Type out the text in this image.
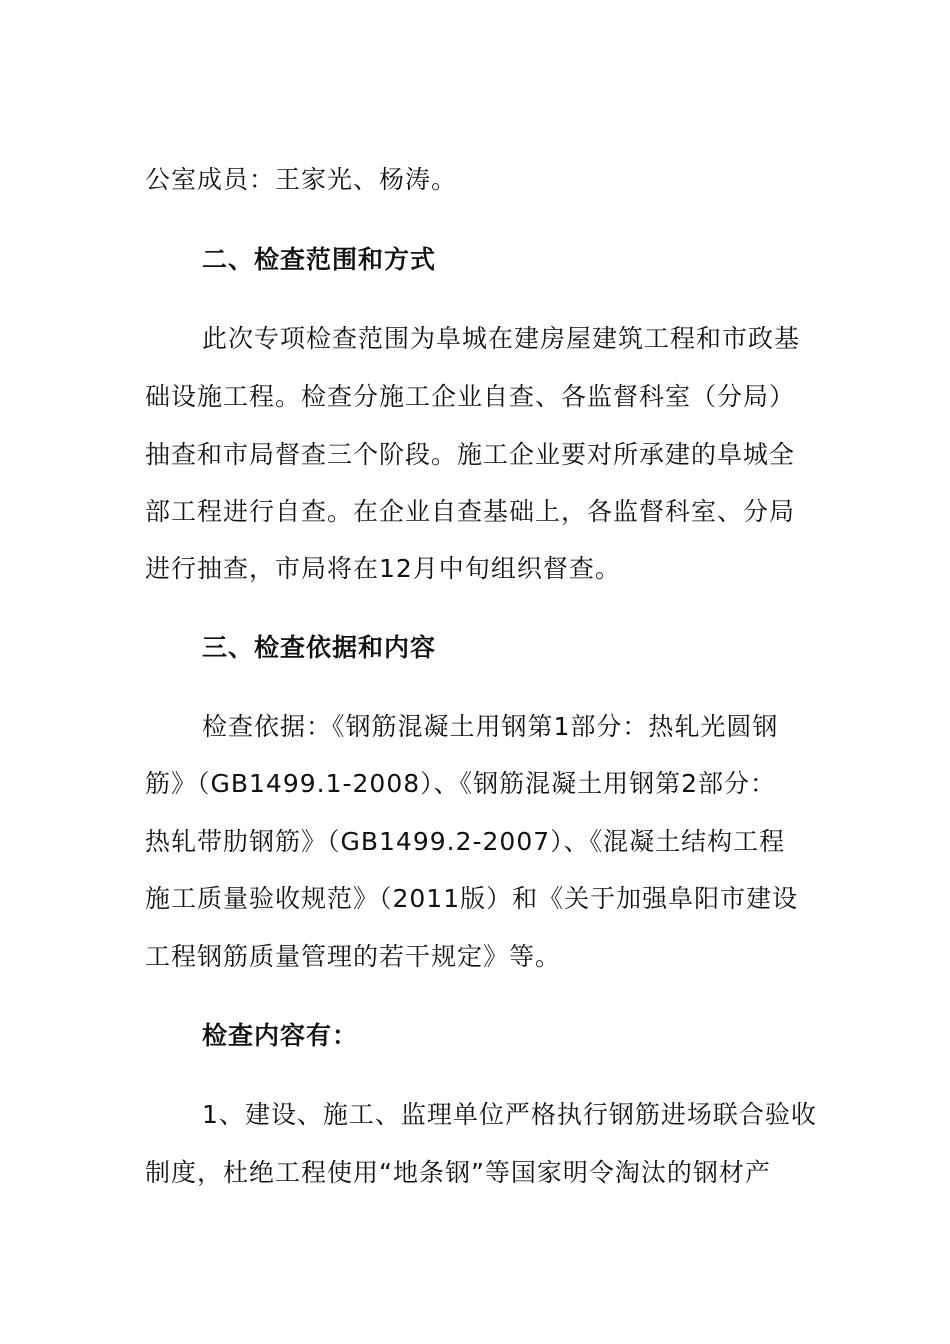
公室成员：王家光、杨涛。
二、检查范围和方式
此次专项检查范围为阜城在建房屋建筑工程和市政基
础设施工程。检查分施工企业自查、各监督科室（分局）
抽查和市局督查三个阶段。施工企业要对所承建的阜城全
部工程进行自查。在企业自查基础上，各监督科室、分局
进行抽查，市局将在12月中旬组织督查。
三、检查依据和内容
检查依据：《钢筋混凝土用钢第1部分：热轧光圆钢
筋》（GB1499.1-2008）、《钢筋混凝土用钢第2部分：
热轧带肋钢筋》（GB1499.2-2007）、《混凝土结构工程
施工质量验收规范》（2011版）和《关于加强阜阳市建设
工程钢筋质量管理的若干规定》等。
检查内容有：
1、建设、施工、监理单位严格执行钢筋进场联合验收
制度，杜绝工程使用“地条钢”等国家明令淘汰的钢材产
